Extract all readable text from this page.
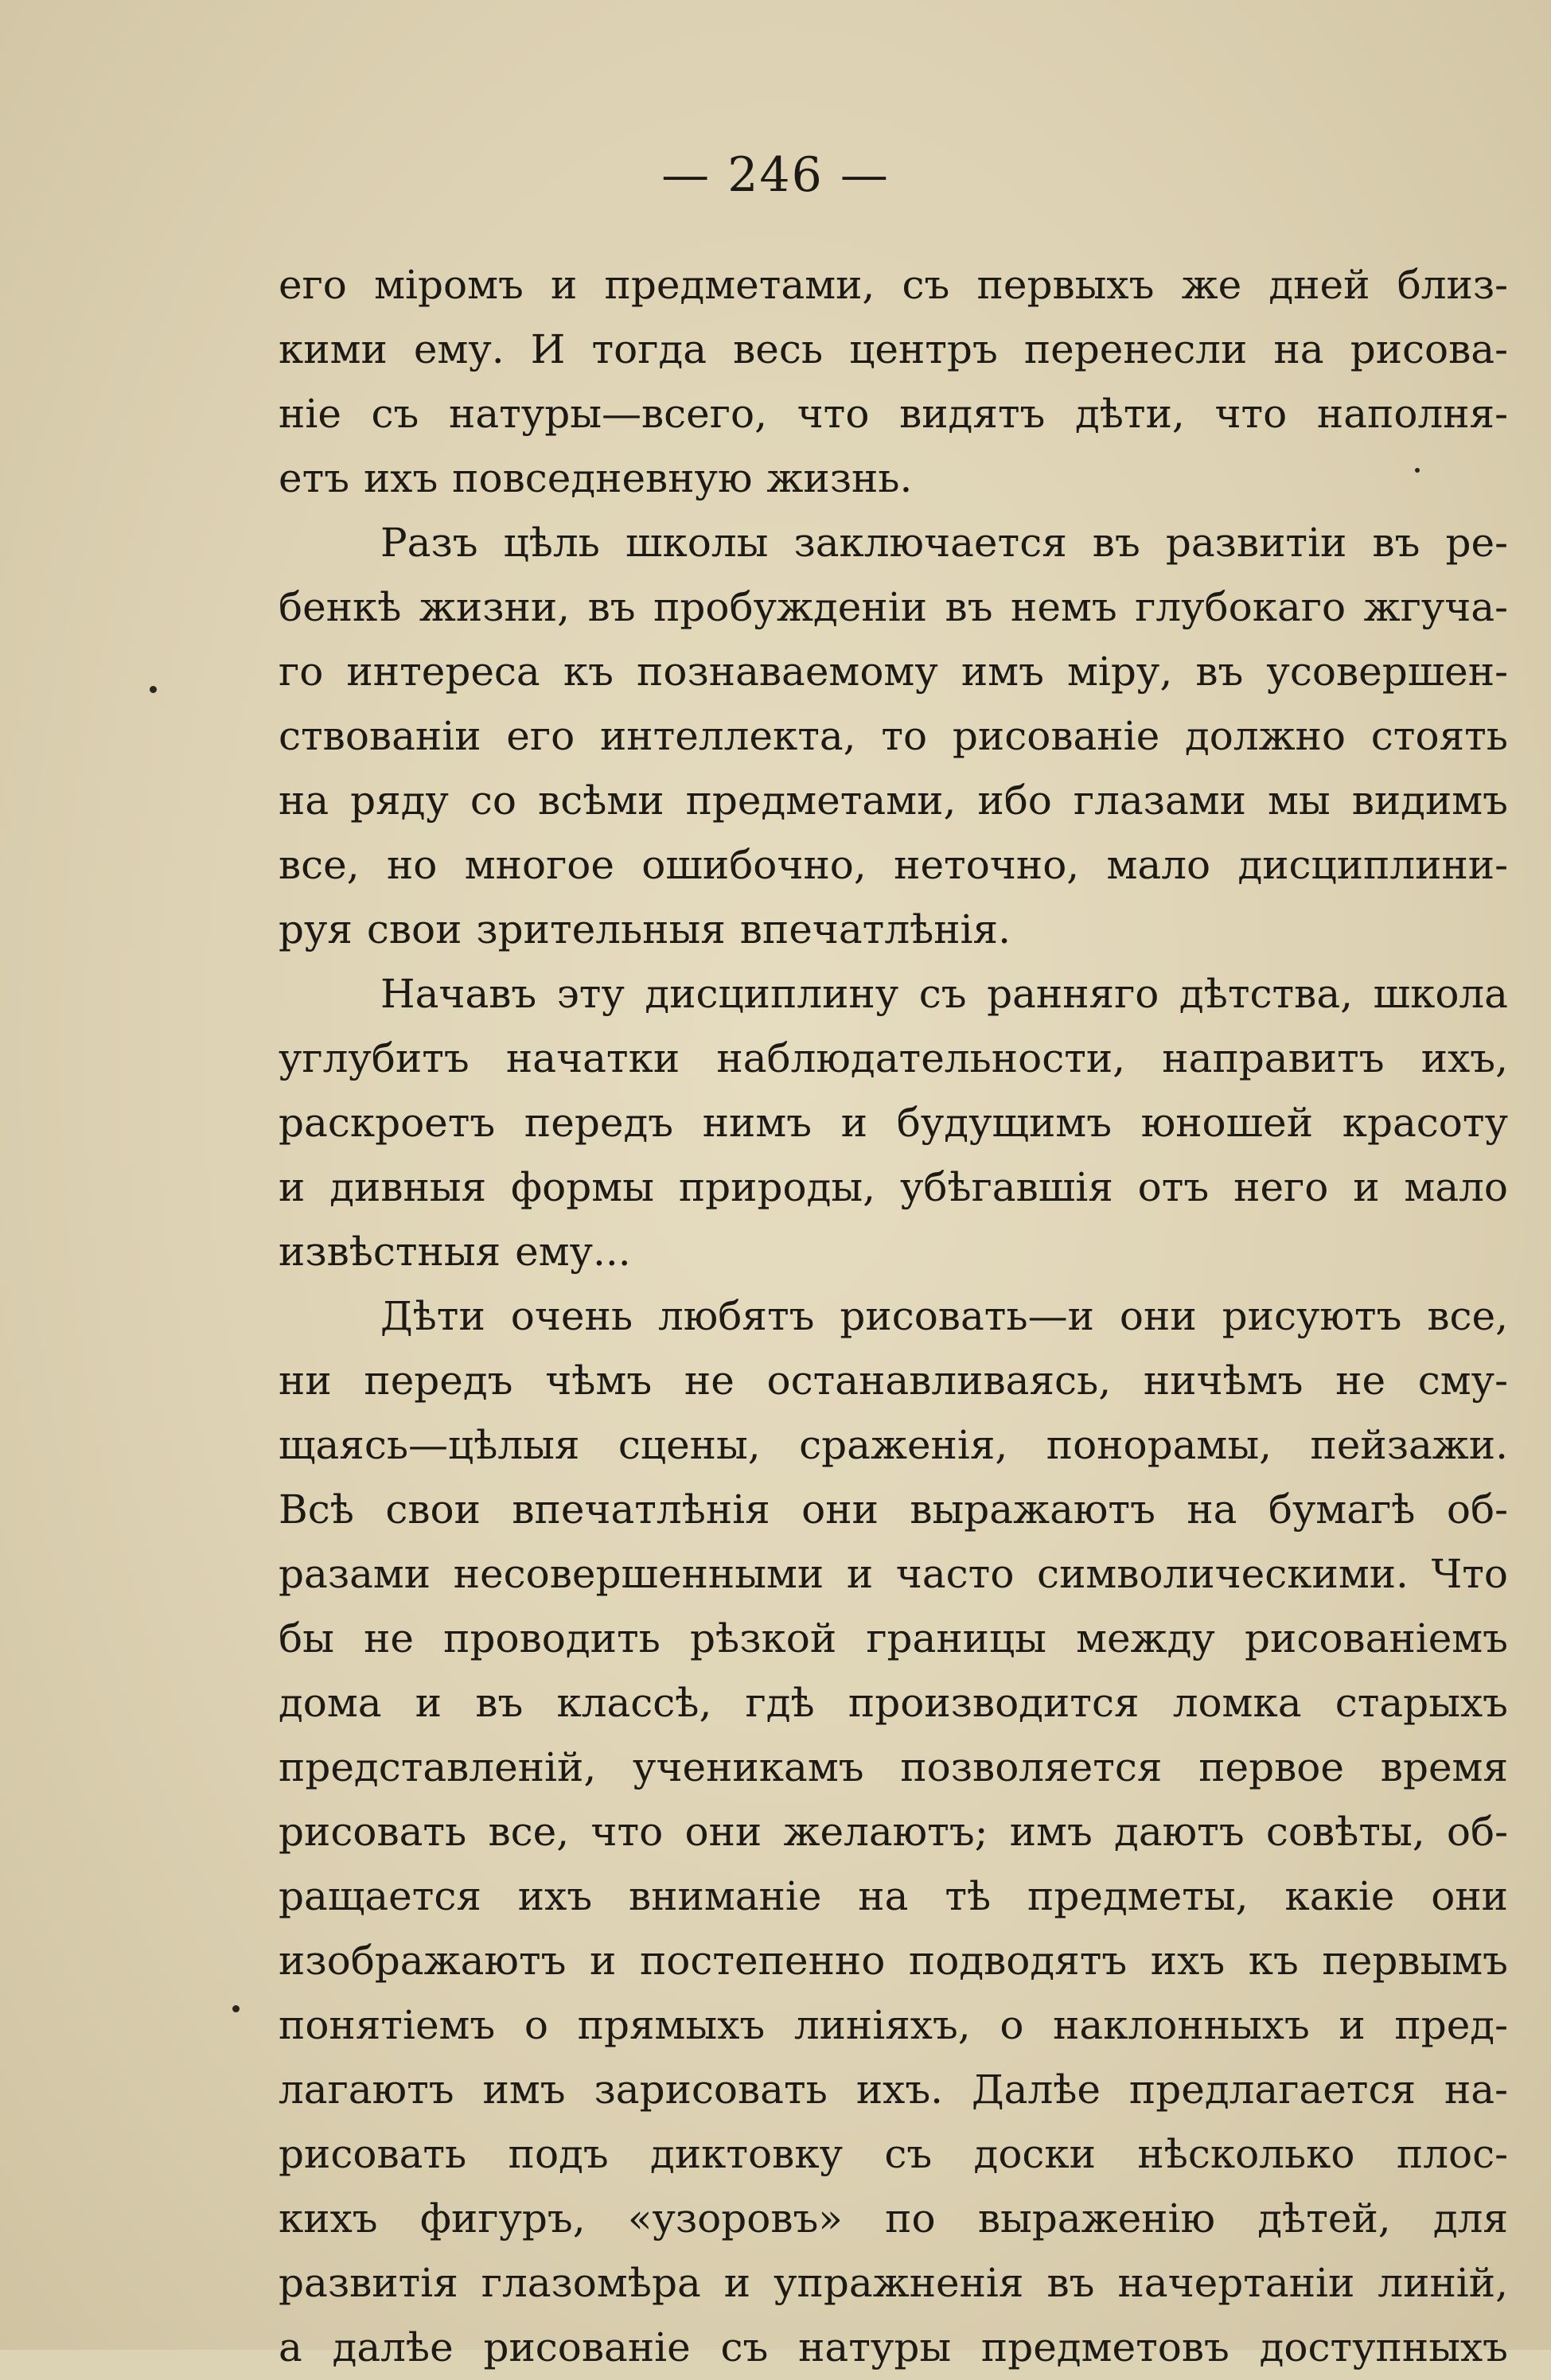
— 246 —
его міромъ и предметами, съ первыхъ же дней близ-
кими ему. И тогда весь центръ перенесли на рисова-
ніе съ натуры—всего, что видятъ дѣти, что наполня-
етъ ихъ повседневную жизнь.
Разъ цѣль школы заключается въ развитіи въ ре-
бенкѣ жизни, въ пробужденіи въ немъ глубокаго жгуча-
го интереса къ познаваемому имъ міру, въ усовершен-
ствованіи его интеллекта, то рисованіе должно стоять
на ряду со всѣми предметами, ибо глазами мы видимъ
все, но многое ошибочно, неточно, мало дисциплини-
руя свои зрительныя впечатлѣнія.
Начавъ эту дисциплину съ ранняго дѣтства, школа
углубитъ начатки наблюдательности, направитъ ихъ,
раскроетъ передъ нимъ и будущимъ юношей красоту
и дивныя формы природы, убѣгавшія отъ него и мало
извѣстныя ему...
Дѣти очень любятъ рисовать—и они рисуютъ все,
ни передъ чѣмъ не останавливаясь, ничѣмъ не сму-
щаясь—цѣлыя сцены, сраженія, понорамы, пейзажи.
Всѣ свои впечатлѣнія они выражаютъ на бумагѣ об-
разами несовершенными и часто символическими. Что
бы не проводить рѣзкой границы между рисованіемъ
дома и въ классѣ, гдѣ производится ломка старыхъ
представленій, ученикамъ позволяется первое время
рисовать все, что они желаютъ; имъ даютъ совѣты, об-
ращается ихъ вниманіе на тѣ предметы, какіе они
изображаютъ и постепенно подводятъ ихъ къ первымъ
понятіемъ о прямыхъ линіяхъ, о наклонныхъ и пред-
лагаютъ имъ зарисовать ихъ. Далѣе предлагается на-
рисовать подъ диктовку съ доски нѣсколько плос-
кихъ фигуръ, «узоровъ» по выраженію дѣтей, для
развитія глазомѣра и упражненія въ начертаніи линій,
а далѣе рисованіе съ натуры предметовъ доступныхъ
